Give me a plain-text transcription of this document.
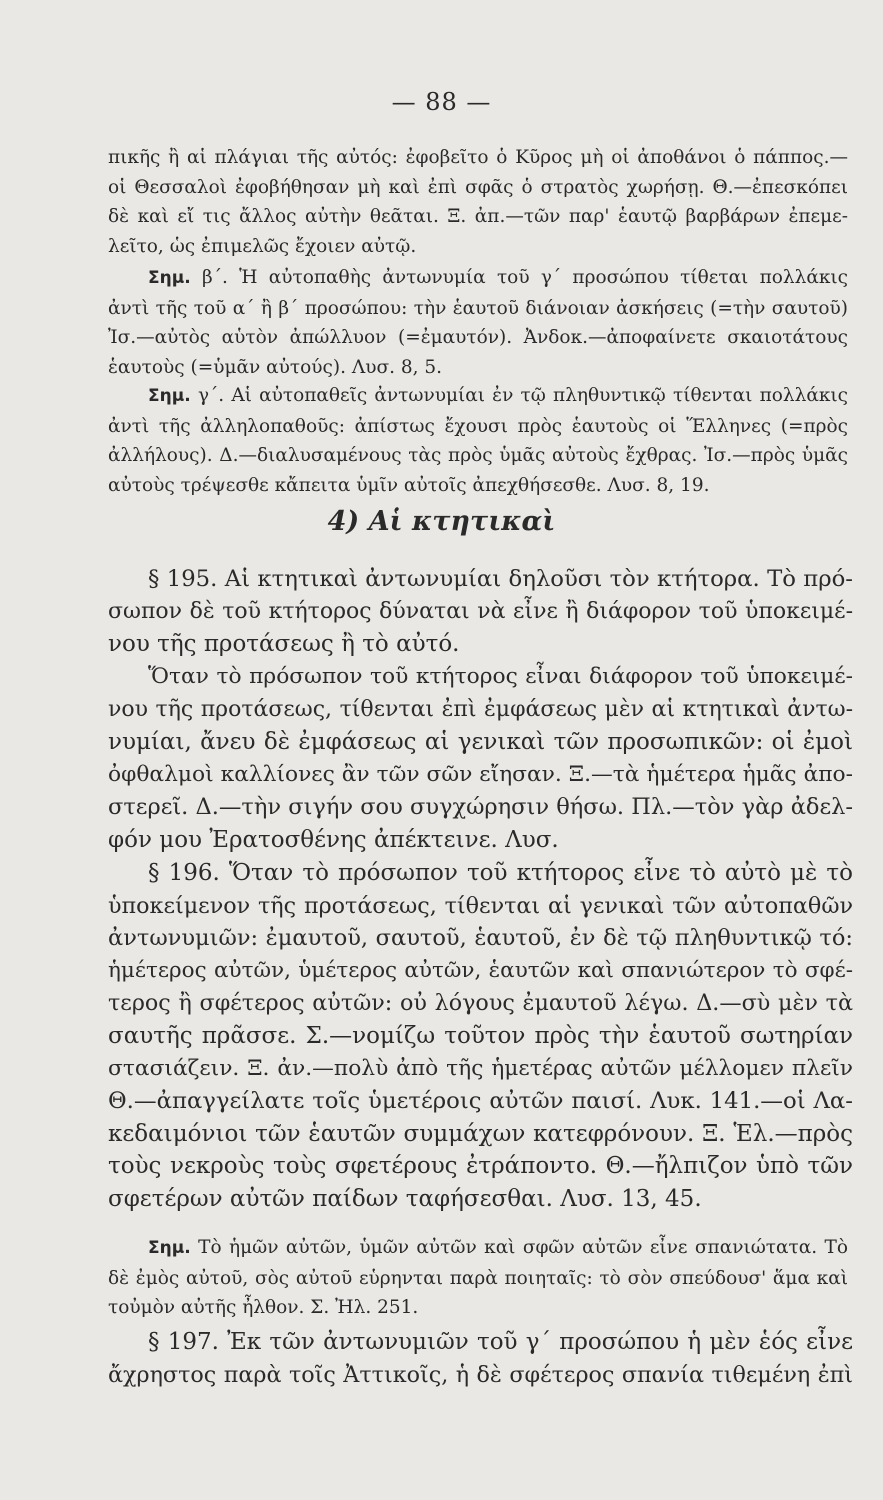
— 88 —
πικῆς ἢ αἱ πλάγιαι τῆς αὐτός: ἐφοβεῖτο ὁ Κῦρος μὴ οἱ ἀποθάνοι ὁ πάππος.—
οἱ Θεσσαλοὶ ἐφοβήθησαν μὴ καὶ ἐπὶ σφᾶς ὁ στρατὸς χωρήσῃ. Θ.—ἐπεσκόπει
δὲ καὶ εἴ τις ἄλλος αὐτὴν θεᾶται. Ξ. ἀπ.—τῶν παρ' ἑαυτῷ βαρβάρων ἐπεμε-
λεῖτο, ὡς ἐπιμελῶς ἔχοιεν αὐτῷ.
Σημ. β΄. Ἡ αὐτοπαθὴς ἀντωνυμία τοῦ γ΄ προσώπου τίθεται πολλάκις
ἀντὶ τῆς τοῦ α΄ ἢ β΄ προσώπου: τὴν ἑαυτοῦ διάνοιαν ἀσκήσεις (=τὴν σαυτοῦ)
Ἰσ.—αὐτὸς αὑτὸν ἀπώλλυον (=ἐμαυτόν). Ἀνδοκ.—ἀποφαίνετε σκαιοτάτους
ἑαυτοὺς (=ὑμᾶν αὐτούς). Λυσ. 8, 5.
Σημ. γ΄. Αἱ αὐτοπαθεῖς ἀντωνυμίαι ἐν τῷ πληθυντικῷ τίθενται πολλάκις
ἀντὶ τῆς ἀλληλοπαθοῦς: ἀπίστως ἔχουσι πρὸς ἑαυτοὺς οἱ Ἕλληνες (=πρὸς
ἀλλήλους). Δ.—διαλυσαμένους τὰς πρὸς ὑμᾶς αὐτοὺς ἔχθρας. Ἰσ.—πρὸς ὑμᾶς
αὐτοὺς τρέψεσθε κἄπειτα ὑμῖν αὐτοῖς ἀπεχθήσεσθε. Λυσ. 8, 19.
4) Αἱ κτητικαὶ
§ 195. Αἱ κτητικαὶ ἀντωνυμίαι δηλοῦσι τὸν κτήτορα. Τὸ πρό-
σωπον δὲ τοῦ κτήτορος δύναται νὰ εἶνε ἢ διάφορον τοῦ ὑποκειμέ-
νου τῆς προτάσεως ἢ τὸ αὐτό.
Ὅταν τὸ πρόσωπον τοῦ κτήτορος εἶναι διάφορον τοῦ ὑποκειμέ-
νου τῆς προτάσεως, τίθενται ἐπὶ ἐμφάσεως μὲν αἱ κτητικαὶ ἀντω-
νυμίαι, ἄνευ δὲ ἐμφάσεως αἱ γενικαὶ τῶν προσωπικῶν: οἱ ἐμοὶ
ὀφθαλμοὶ καλλίονες ἂν τῶν σῶν εἴησαν. Ξ.—τὰ ἡμέτερα ἡμᾶς ἀπο-
στερεῖ. Δ.—τὴν σιγήν σου συγχώρησιν θήσω. Πλ.—τὸν γὰρ ἀδελ-
φόν μου Ἐρατοσθένης ἀπέκτεινε. Λυσ.
§ 196. Ὅταν τὸ πρόσωπον τοῦ κτήτορος εἶνε τὸ αὐτὸ μὲ τὸ
ὑποκείμενον τῆς προτάσεως, τίθενται αἱ γενικαὶ τῶν αὐτοπαθῶν
ἀντωνυμιῶν: ἐμαυτοῦ, σαυτοῦ, ἑαυτοῦ, ἐν δὲ τῷ πληθυντικῷ τό:
ἡμέτερος αὐτῶν, ὑμέτερος αὐτῶν, ἑαυτῶν καὶ σπανιώτερον τὸ σφέ-
τερος ἢ σφέτερος αὐτῶν: οὐ λόγους ἐμαυτοῦ λέγω. Δ.—σὺ μὲν τὰ
σαυτῆς πρᾶσσε. Σ.—νομίζω τοῦτον πρὸς τὴν ἑαυτοῦ σωτηρίαν
στασιάζειν. Ξ. ἀν.—πολὺ ἀπὸ τῆς ἡμετέρας αὐτῶν μέλλομεν πλεῖν
Θ.—ἀπαγγείλατε τοῖς ὑμετέροις αὐτῶν παισί. Λυκ. 141.—οἱ Λα-
κεδαιμόνιοι τῶν ἑαυτῶν συμμάχων κατεφρόνουν. Ξ. Ἑλ.—πρὸς
τοὺς νεκροὺς τοὺς σφετέρους ἐτράποντο. Θ.—ἤλπιζον ὑπὸ τῶν
σφετέρων αὐτῶν παίδων ταφήσεσθαι. Λυσ. 13, 45.
Σημ. Τὸ ἡμῶν αὐτῶν, ὑμῶν αὐτῶν καὶ σφῶν αὐτῶν εἶνε σπανιώτατα. Τὸ
δὲ ἐμὸς αὐτοῦ, σὸς αὐτοῦ εὑρηνται παρὰ ποιηταῖς: τὸ σὸν σπεύδουσ' ἅμα καὶ
τοὐμὸν αὐτῆς ἦλθον. Σ. Ἠλ. 251.
§ 197. Ἐκ τῶν ἀντωνυμιῶν τοῦ γ΄ προσώπου ἡ μὲν ἑός εἶνε
ἄχρηστος παρὰ τοῖς Ἀττικοῖς, ἡ δὲ σφέτερος σπανία τιθεμένη ἐπὶ
